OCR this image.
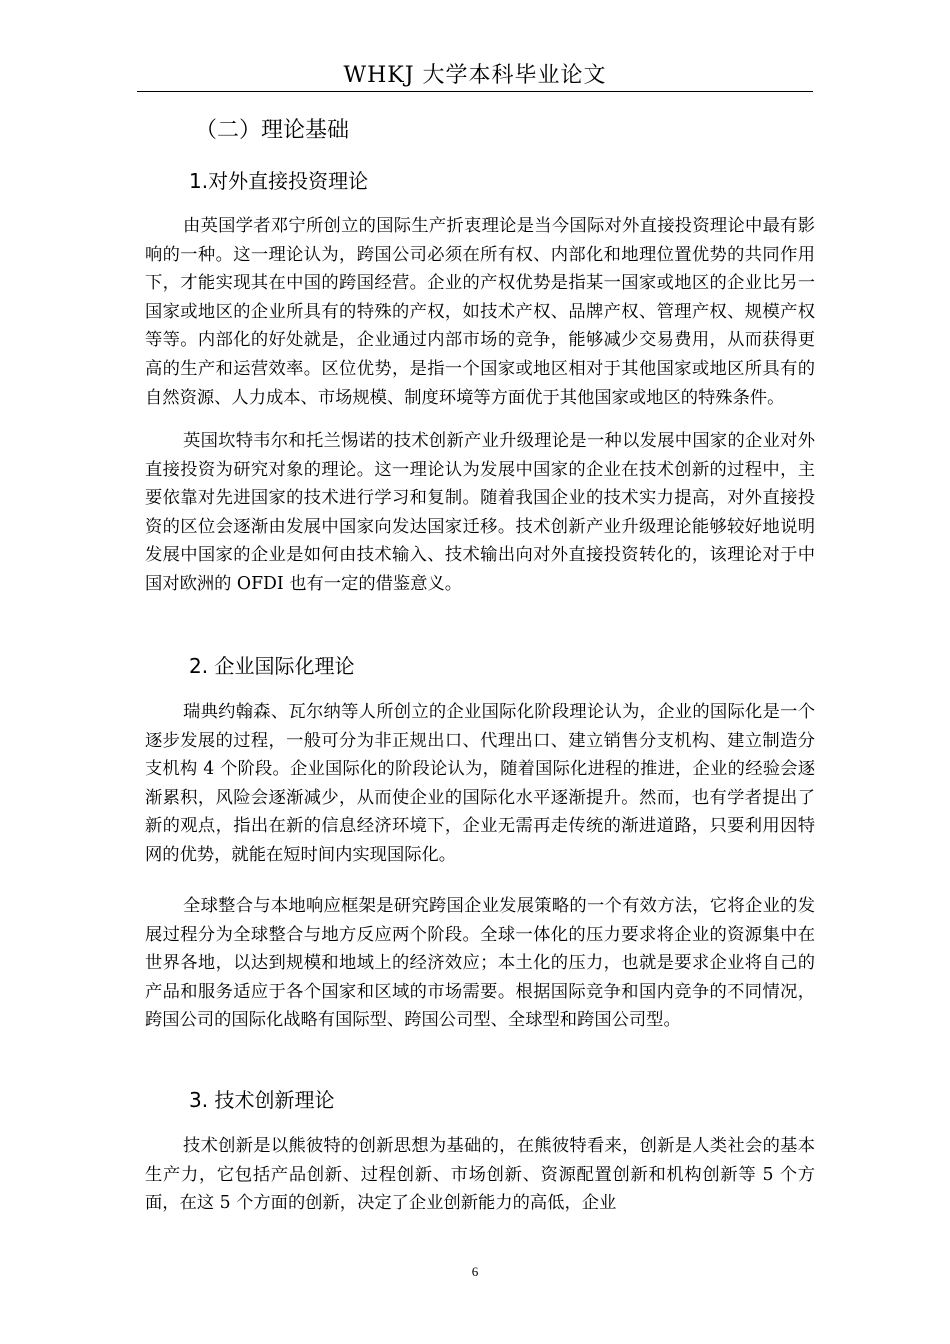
WHKJ 大学本科毕业论文
（二）理论基础
1.对外直接投资理论

由英国学者邓宁所创立的国际生产折衷理论是当今国际对外直接投资理论中最有影响的一种。这一理论认为，跨国公司必须在所有权、内部化和地理位置优势的共同作用下，才能实现其在中国的跨国经营。企业的产权优势是指某一国家或地区的企业比另一国家或地区的企业所具有的特殊的产权，如技术产权、品牌产权、管理产权、规模产权等等。内部化的好处就是，企业通过内部市场的竞争，能够减少交易费用，从而获得更高的生产和运营效率。区位优势，是指一个国家或地区相对于其他国家或地区所具有的自然资源、人力成本、市场规模、制度环境等方面优于其他国家或地区的特殊条件。

英国坎特韦尔和托兰惕诺的技术创新产业升级理论是一种以发展中国家的企业对外直接投资为研究对象的理论。这一理论认为发展中国家的企业在技术创新的过程中，主要依靠对先进国家的技术进行学习和复制。随着我国企业的技术实力提高，对外直接投资的区位会逐渐由发展中国家向发达国家迁移。技术创新产业升级理论能够较好地说明发展中国家的企业是如何由技术输入、技术输出向对外直接投资转化的，该理论对于中国对欧洲的 OFDI 也有一定的借鉴意义。

2. 企业国际化理论

瑞典约翰森、瓦尔纳等人所创立的企业国际化阶段理论认为，企业的国际化是一个逐步发展的过程，一般可分为非正规出口、代理出口、建立销售分支机构、建立制造分支机构 4 个阶段。企业国际化的阶段论认为，随着国际化进程的推进，企业的经验会逐渐累积，风险会逐渐减少，从而使企业的国际化水平逐渐提升。然而，也有学者提出了新的观点，指出在新的信息经济环境下，企业无需再走传统的渐进道路，只要利用因特网的优势，就能在短时间内实现国际化。

全球整合与本地响应框架是研究跨国企业发展策略的一个有效方法，它将企业的发展过程分为全球整合与地方反应两个阶段。全球一体化的压力要求将企业的资源集中在世界各地，以达到规模和地域上的经济效应；本土化的压力，也就是要求企业将自己的产品和服务适应于各个国家和区域的市场需要。根据国际竞争和国内竞争的不同情况，跨国公司的国际化战略有国际型、跨国公司型、全球型和跨国公司型。

3. 技术创新理论

技术创新是以熊彼特的创新思想为基础的，在熊彼特看来，创新是人类社会的基本生产力，它包括产品创新、过程创新、市场创新、资源配置创新和机构创新等 5 个方面，在这 5 个方面的创新，决定了企业创新能力的高低，企业

6
